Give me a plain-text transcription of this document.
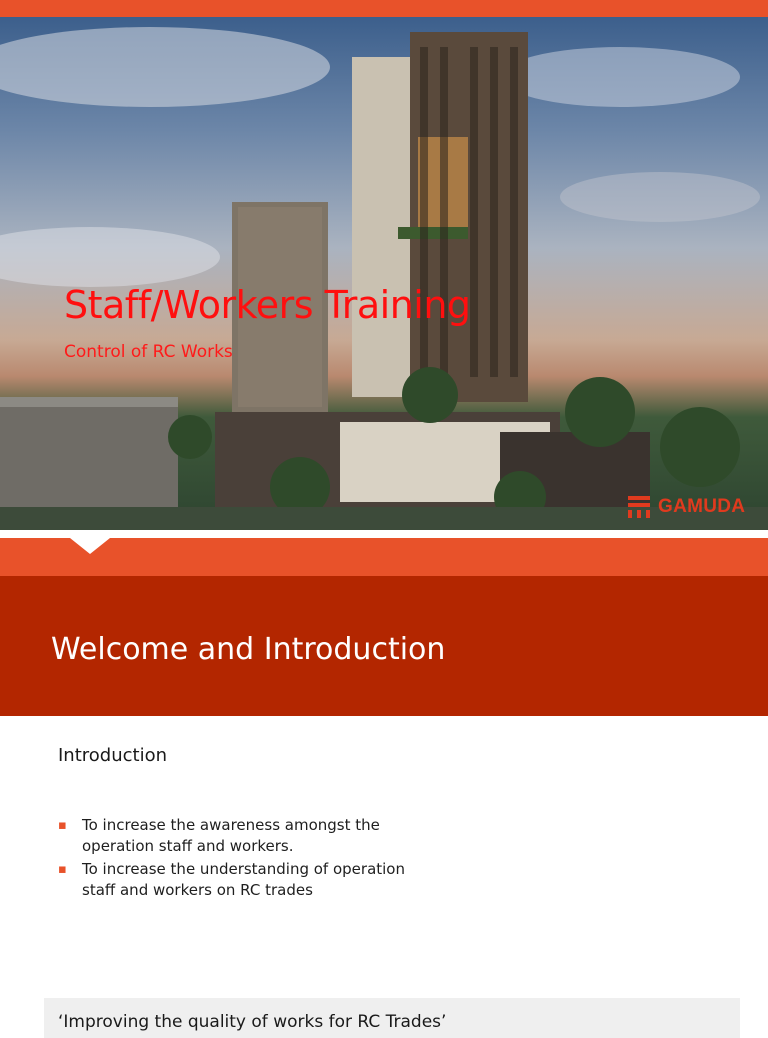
Staff/Workers Training

Control of RC Works

GAMUDA
Welcome and Introduction
Introduction
▪ To increase the awareness amongst the operation staff and workers.
▪ To increase the understanding of operation staff and workers on RC trades

‘Improving the quality of works for RC Trades’
